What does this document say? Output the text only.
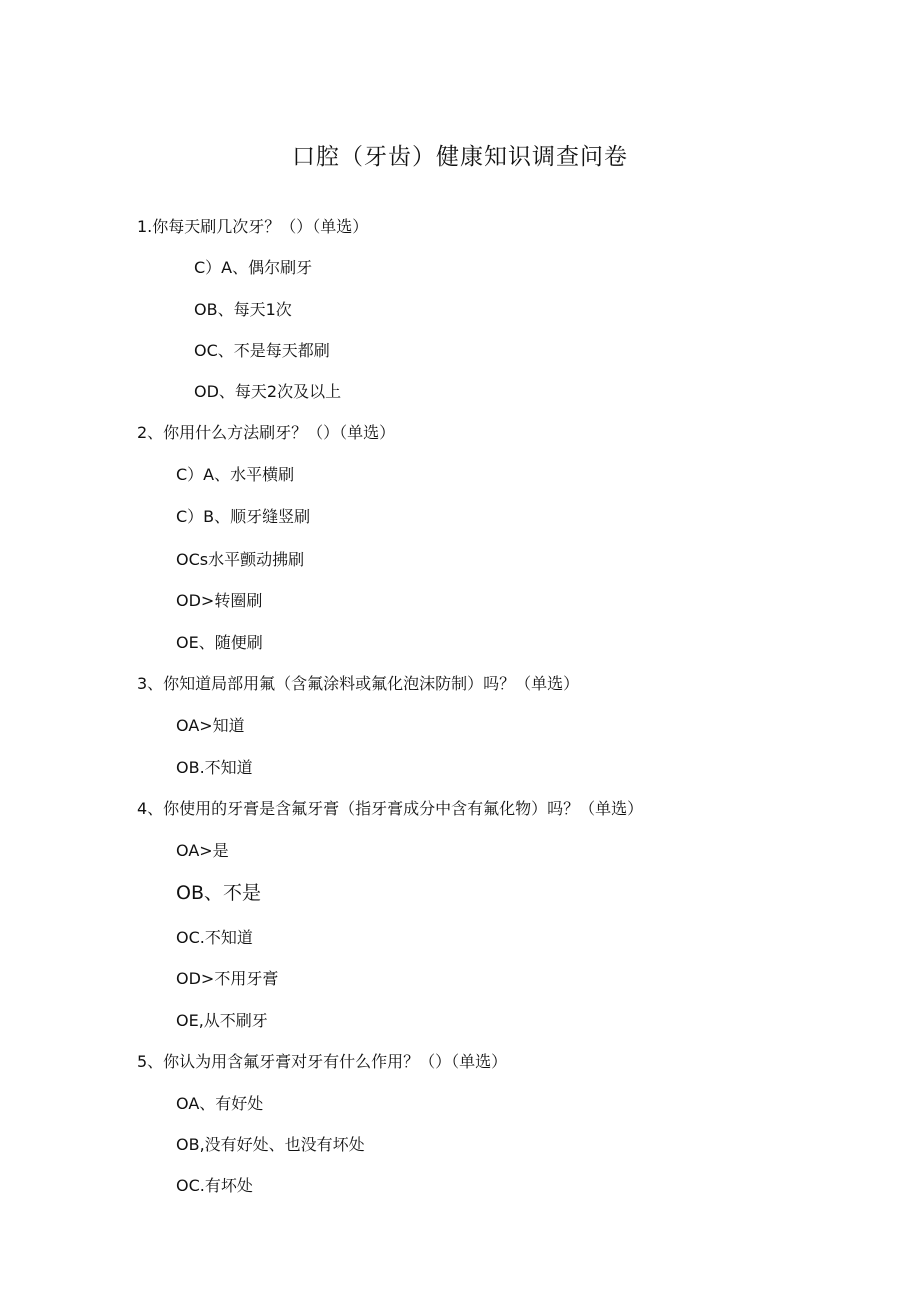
口腔（牙齿）健康知识调查问卷
1.你每天刷几次牙？（）（单选）
C）A、偶尔刷牙
OB、每天1次
OC、不是每天都刷
OD、每天2次及以上
2、你用什么方法刷牙？（）（单选）
C）A、水平横刷
C）B、顺牙缝竖刷
OCs水平颤动拂刷
OD>转圈刷
OE、随便刷
3、你知道局部用氟（含氟涂料或氟化泡沫防制）吗？（单选）
OA>知道
OB.不知道
4、你使用的牙膏是含氟牙膏（指牙膏成分中含有氟化物）吗？（单选）
OA>是
OB、不是
OC.不知道
OD>不用牙膏
OE,从不刷牙
5、你认为用含氟牙膏对牙有什么作用？（）（单选）
OA、有好处
OB,没有好处、也没有坏处
OC.有坏处
